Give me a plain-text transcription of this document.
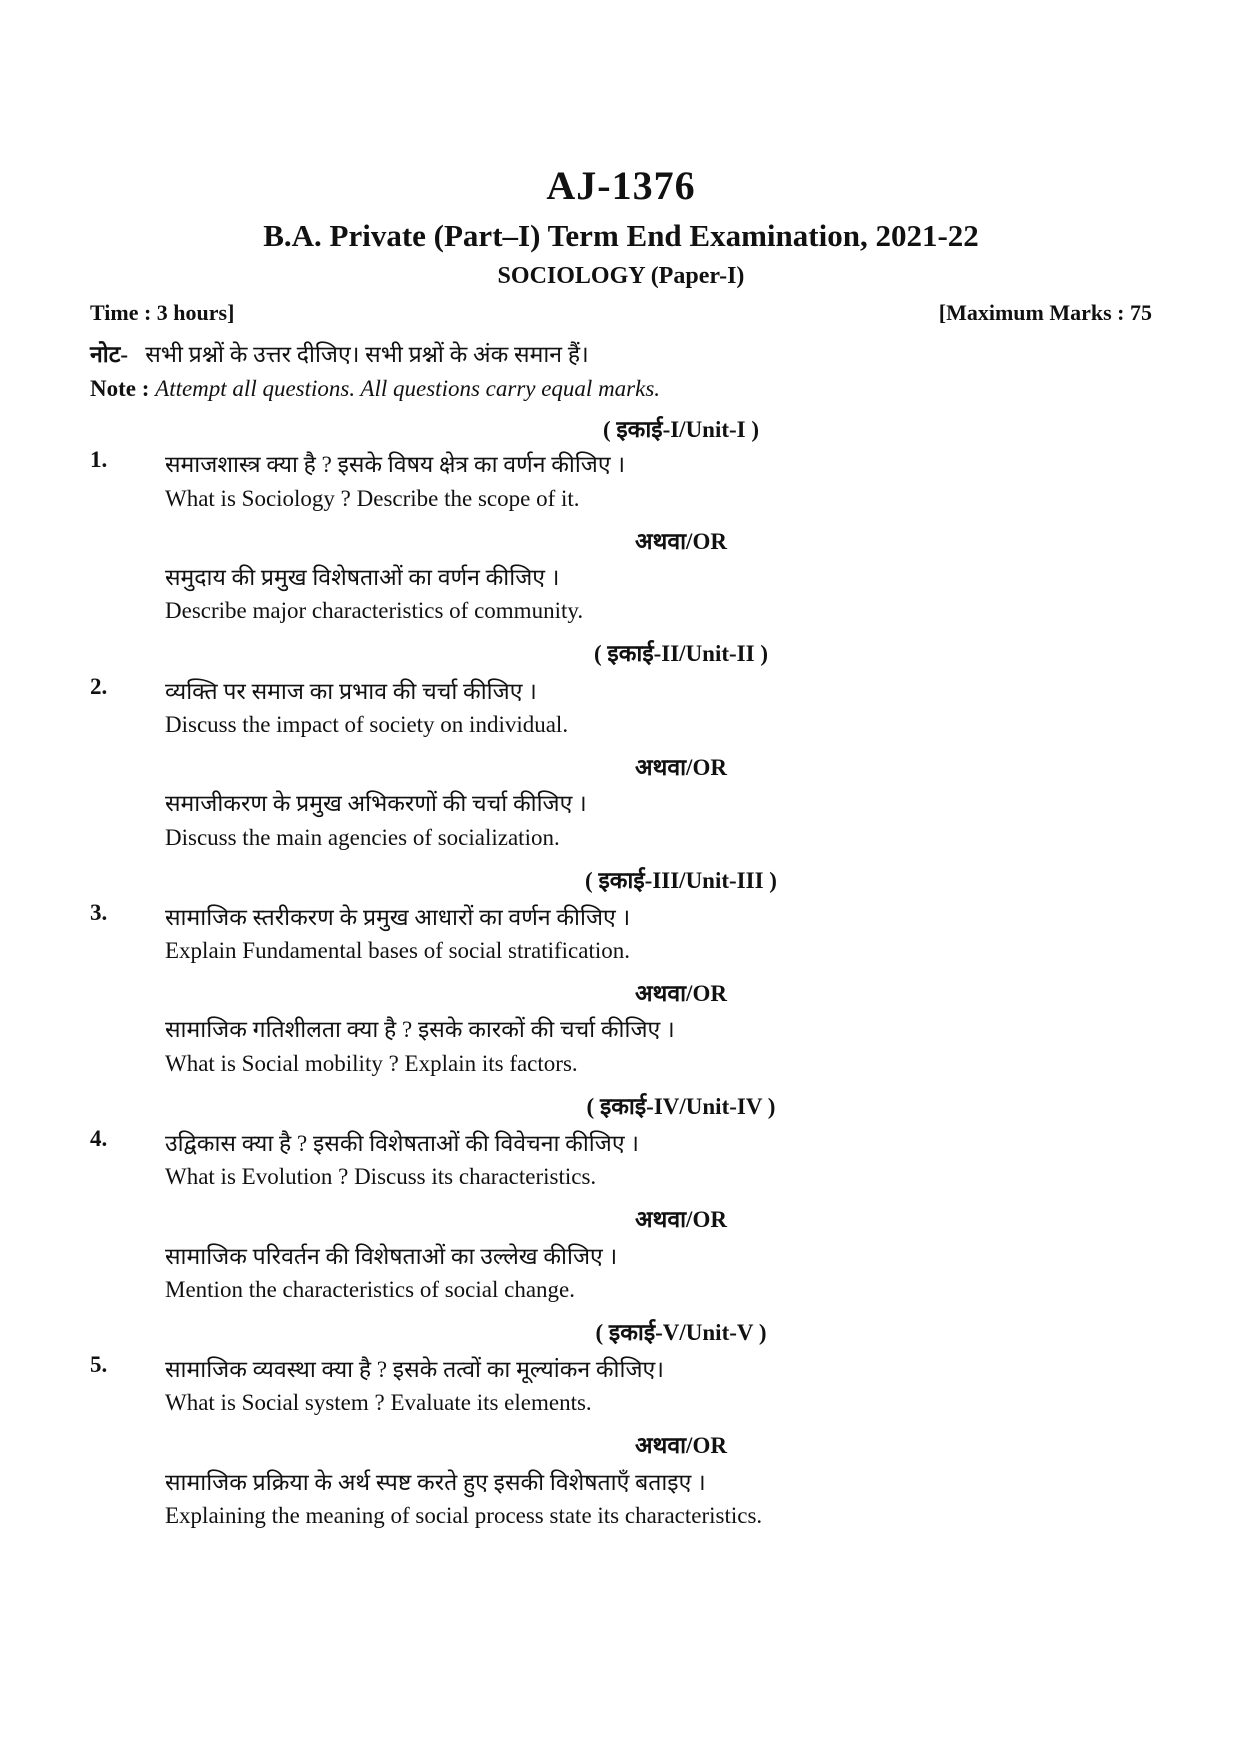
AJ-1376
B.A. Private (Part–I) Term End Examination, 2021-22
SOCIOLOGY (Paper-I)
Time : 3 hours]	[Maximum Marks : 75
नोट- सभी प्रश्नों के उत्तर दीजिए। सभी प्रश्नों के अंक समान हैं।
Note : Attempt all questions. All questions carry equal marks.
( इकाई-I/Unit-I )
1.	समाजशास्त्र क्या है ? इसके विषय क्षेत्र का वर्णन कीजिए ।
What is Sociology ? Describe the scope of it.
अथवा/OR
समुदाय की प्रमुख विशेषताओं का वर्णन कीजिए ।
Describe major characteristics of community.
( इकाई-II/Unit-II )
2.	व्यक्ति पर समाज का प्रभाव की चर्चा कीजिए ।
Discuss the impact of society on individual.
अथवा/OR
समाजीकरण के प्रमुख अभिकरणों की चर्चा कीजिए ।
Discuss the main agencies of socialization.
( इकाई-III/Unit-III )
3.	सामाजिक स्तरीकरण के प्रमुख आधारों का वर्णन कीजिए ।
Explain Fundamental bases of social stratification.
अथवा/OR
सामाजिक गतिशीलता क्या है ? इसके कारकों की चर्चा कीजिए ।
What is Social mobility ? Explain its factors.
( इकाई-IV/Unit-IV )
4.	उद्विकास क्या है ? इसकी विशेषताओं की विवेचना कीजिए ।
What is Evolution ? Discuss its characteristics.
अथवा/OR
सामाजिक परिवर्तन की विशेषताओं का उल्लेख कीजिए ।
Mention the characteristics of social change.
( इकाई-V/Unit-V )
5.	सामाजिक व्यवस्था क्या है ? इसके तत्वों का मूल्यांकन कीजिए।
What is Social system ? Evaluate its elements.
अथवा/OR
सामाजिक प्रक्रिया के अर्थ स्पष्ट करते हुए इसकी विशेषताएँ बताइए ।
Explaining the meaning of social process state its characteristics.
